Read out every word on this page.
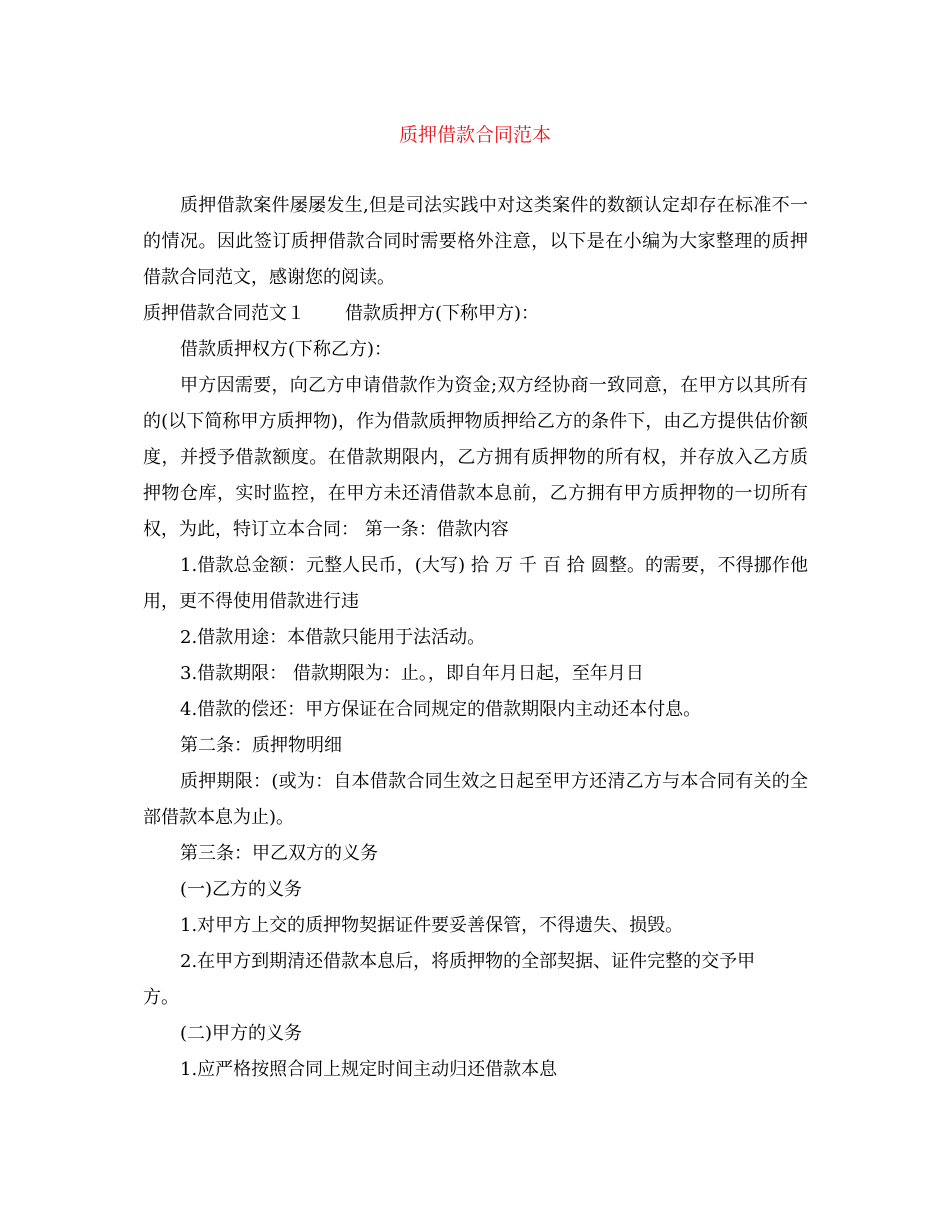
质押借款合同范本

质押借款案件屡屡发生,但是司法实践中对这类案件的数额认定却存在标准不一的情况。因此签订质押借款合同时需要格外注意，以下是在小编为大家整理的质押借款合同范文，感谢您的阅读。

质押借款合同范文１ 借款质押方(下称甲方)：

借款质押权方(下称乙方)：

甲方因需要，向乙方申请借款作为资金;双方经协商一致同意，在甲方以其所有的(以下简称甲方质押物)，作为借款质押物质押给乙方的条件下，由乙方提供估价额度，并授予借款额度。在借款期限内，乙方拥有质押物的所有权，并存放入乙方质押物仓库，实时监控，在甲方未还清借款本息前，乙方拥有甲方质押物的一切所有权，为此，特订立本合同： 第一条：借款内容

1.借款总金额：元整人民币，(大写) 拾 万 千 百 拾 圆整。的需要，不得挪作他用，更不得使用借款进行违

2.借款用途：本借款只能用于法活动。

3.借款期限： 借款期限为：止。，即自年月日起，至年月日

4.借款的偿还：甲方保证在合同规定的借款期限内主动还本付息。

第二条：质押物明细

质押期限：(或为：自本借款合同生效之日起至甲方还清乙方与本合同有关的全部借款本息为止)。

第三条：甲乙双方的义务

(一)乙方的义务

1.对甲方上交的质押物契据证件要妥善保管，不得遗失、损毁。

2.在甲方到期清还借款本息后，将质押物的全部契据、证件完整的交予甲

方。

(二)甲方的义务

1.应严格按照合同上规定时间主动归还借款本息
